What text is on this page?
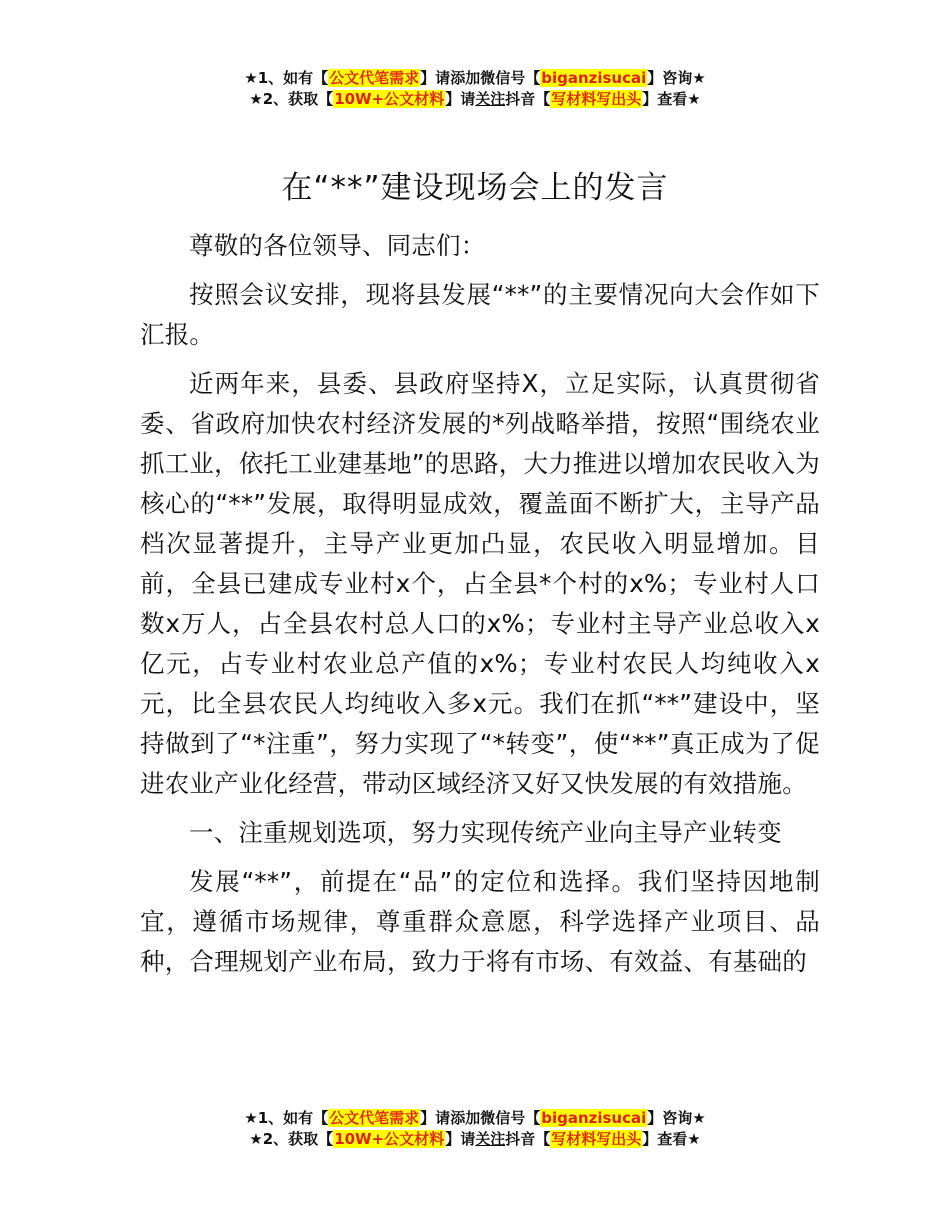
★1、如有【公文代笔需求】请添加微信号【biganzisucai】咨询★
★2、获取【10W+公文材料】请关注抖音【写材料写出头】查看★
在“**”建设现场会上的发言

尊敬的各位领导、同志们：

按照会议安排，现将县发展“**”的主要情况向大会作如下汇报。

近两年来，县委、县政府坚持X，立足实际，认真贯彻省委、省政府加快农村经济发展的*列战略举措，按照“围绕农业抓工业，依托工业建基地”的思路，大力推进以增加农民收入为核心的“**”发展，取得明显成效，覆盖面不断扩大，主导产品档次显著提升，主导产业更加凸显，农民收入明显增加。目前，全县已建成专业村x个，占全县*个村的x%；专业村人口数x万人，占全县农村总人口的x%；专业村主导产业总收入x亿元，占专业村农业总产值的x%；专业村农民人均纯收入x元，比全县农民人均纯收入多x元。我们在抓“**”建设中，坚持做到了“*注重”，努力实现了“*转变”，使“**”真正成为了促进农业产业化经营，带动区域经济又好又快发展的有效措施。

一、注重规划选项，努力实现传统产业向主导产业转变

发展“**”，前提在“品”的定位和选择。我们坚持因地制宜，遵循市场规律，尊重群众意愿，科学选择产业项目、品种，合理规划产业布局，致力于将有市场、有效益、有基础的

★1、如有【公文代笔需求】请添加微信号【biganzisucai】咨询★
★2、获取【10W+公文材料】请关注抖音【写材料写出头】查看★
